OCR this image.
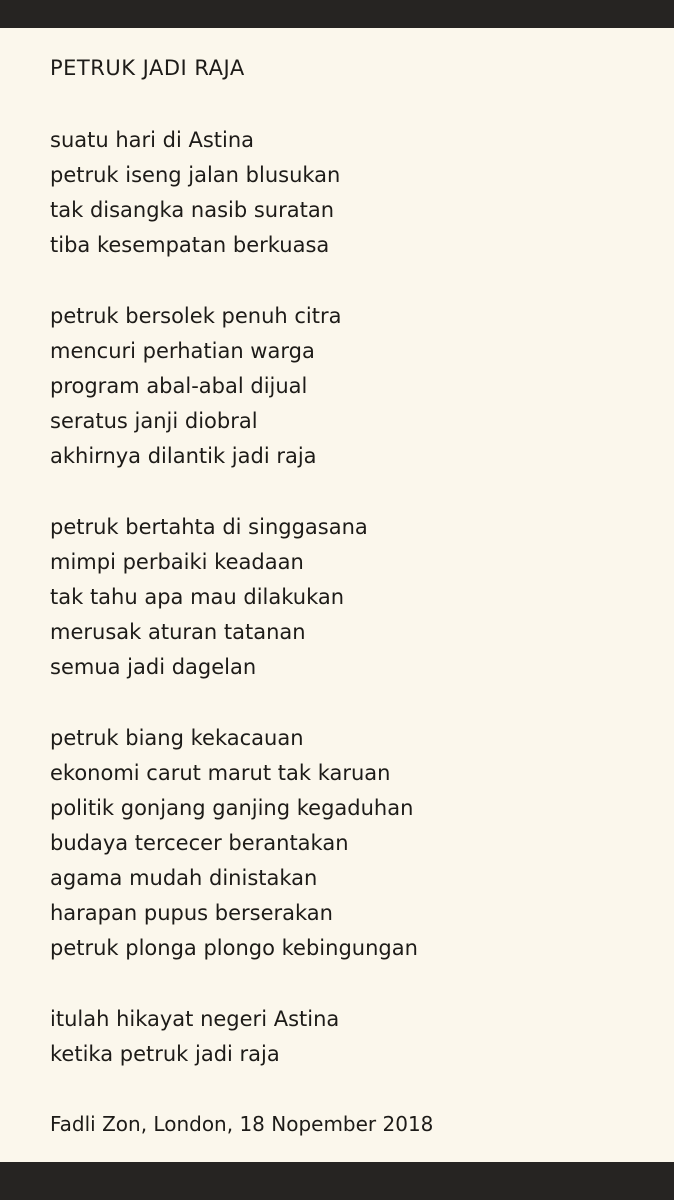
PETRUK JADI RAJA
suatu hari di Astina
petruk iseng jalan blusukan
tak disangka nasib suratan
tiba kesempatan berkuasa
petruk bersolek penuh citra
mencuri perhatian warga
program abal-abal dijual
seratus janji diobral
akhirnya dilantik jadi raja
petruk bertahta di singgasana
mimpi perbaiki keadaan
tak tahu apa mau dilakukan
merusak aturan tatanan
semua jadi dagelan
petruk biang kekacauan
ekonomi carut marut tak karuan
politik gonjang ganjing kegaduhan
budaya tercecer berantakan
agama mudah dinistakan
harapan pupus berserakan
petruk plonga plongo kebingungan
itulah hikayat negeri Astina
ketika petruk jadi raja
Fadli Zon, London, 18 Nopember 2018
